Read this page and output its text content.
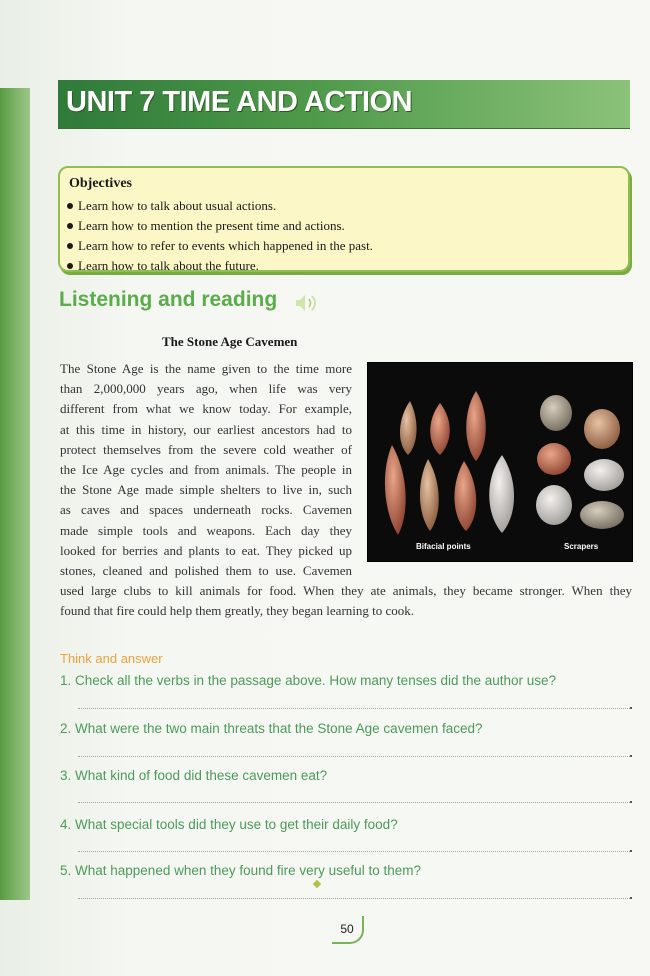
UNIT 7 TIME AND ACTION
Objectives
Learn how to talk about usual actions.
Learn how to mention the present time and actions.
Learn how to refer to events which happened in the past.
Learn how to talk about the future.
Listening and reading
The Stone Age Cavemen
The Stone Age is the name given to the time more
than 2,000,000 years ago, when life was very
different from what we know today. For example,
at this time in history, our earliest ancestors had to
protect themselves from the severe cold weather of
the Ice Age cycles and from animals. The people in
the Stone Age made simple shelters to live in, such
as caves and spaces underneath rocks. Cavemen
made simple tools and weapons. Each day they
looked for berries and plants to eat. They picked up
stones, cleaned and polished them to use. Cavemen
used large clubs to kill animals for food. When they ate animals, they became stronger. When they
found that fire could help them greatly, they began learning to cook.
Bifacial points	Scrapers
Think and answer
1. Check all the verbs in the passage above. How many tenses did the author use?
2. What were the two main threats that the Stone Age cavemen faced?
3. What kind of food did these cavemen eat?
4. What special tools did they use to get their daily food?
5. What happened when they found fire very useful to them?
50
